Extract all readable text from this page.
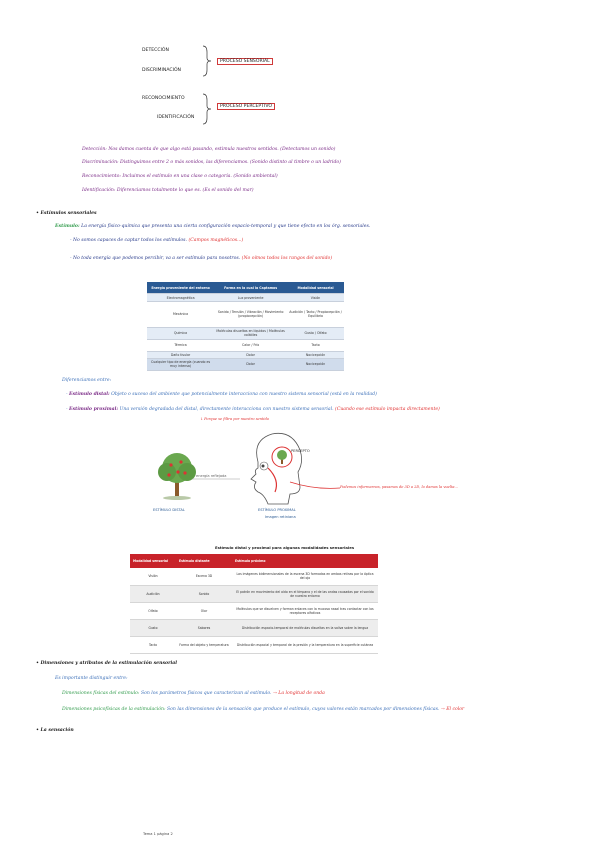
DETECCIÓN
DISCRIMINACIÓN
PROCESO SENSORIAL
RECONOCIMIENTO
IDENTIFICACIÓN
PROCESO PERCEPTIVO
Detección: Nos damos cuenta de que algo está pasando, estimula nuestros sentidos. (Detectamos un sonido)
Discriminación: Distinguimos entre 2 o más sonidos, las diferenciamos. (Sonido distinto al timbre o un ladrido)
Reconocimiento: Incluimos el estímulo en una clase o categoría. (Sonido ambiental)
Identificación: Diferenciamos totalmente lo que es. (Es el sonido del mar)
• Estímulos sensoriales
Estímulo: La energía físico-química que presenta una cierta configuración espacio-temporal y que tiene efecto en los órg. sensoriales.
- No somos capaces de captar todos los estímulos. (Campos magnéticos...)
- No toda energía que podemos percibir, va a ser estímulo para nosotros. (No oímos todos los rangos del sonido)
Energía proveniente del entorno	Forma en la cual la Captamos	Modalidad sensorial
Electromagnética	Luz proveniente	Visión
Mecánica	Sonido / Tensión / Vibración / Movimiento (propiocepción)	Audición / Tacto / Propiocepción / Equilibrio
Química	Moléculas disueltas en líquidos / Moléculas volátiles	Gusto / Olfato
Térmica	Calor / Frío	Tacto
Daño tisular	Dolor	Nocicepción
Cualquier tipo de energía (cuando es muy intensa)	Dolor	Nocicepción
Diferenciamos entre:
- Estímulo distal: Objeto o suceso del ambiente que potencialmente interacciona con nuestro sistema sensorial (está en la realidad)
- Estímulo proximal: Una versión degradada del distal, directamente interacciona con nuestro sistema sensorial. (Cuando ese estímulo impacta directamente)
↳ Porque se filtra por nuestro sentido
energía reflejada
PERCEPTO
ESTÍMULO DISTAL	ESTÍMULO PROXIMAL
Imagen retiniana
Podemos informarnos, pasamos de 3D a 2D, lo damos la vuelta...
Estímulo distal y proximal para algunas modalidades sensoriales
Modalidad sensorial	Estímulo distante	Estímulo próximo
Visión	Escena 3D	Las imágenes bidimensionales de la escena 3D formadas en ambas retinas por la óptica del ojo
Audición	Sonido	El patrón en movimiento del oído en el tímpano y el de las ondas causadas por el sonido de nuestro entorno
Olfato	Olor	Moléculas que se disuelven y forman enlaces con la mucosa nasal tras contactar con los receptores olfativos
Gusto	Sabores	Distribución espacio-temporal de moléculas disueltas en la saliva sobre la lengua
Tacto	Forma del objeto y temperatura	Distribución espacial y temporal de la presión y la temperatura en la superficie cutánea
• Dimensiones y atributos de la estimulación sensorial
Es importante distinguir entre:
Dimensiones físicas del estímulo: Son los parámetros físicos que caracterizan al estímulo. → La longitud de onda
Dimensiones psicofísicas de la estimulación: Son las dimensiones de la sensación que produce el estímulo, cuyos valores están marcados por dimensiones físicas. → El color
• La sensación
Tema 1 página 2
